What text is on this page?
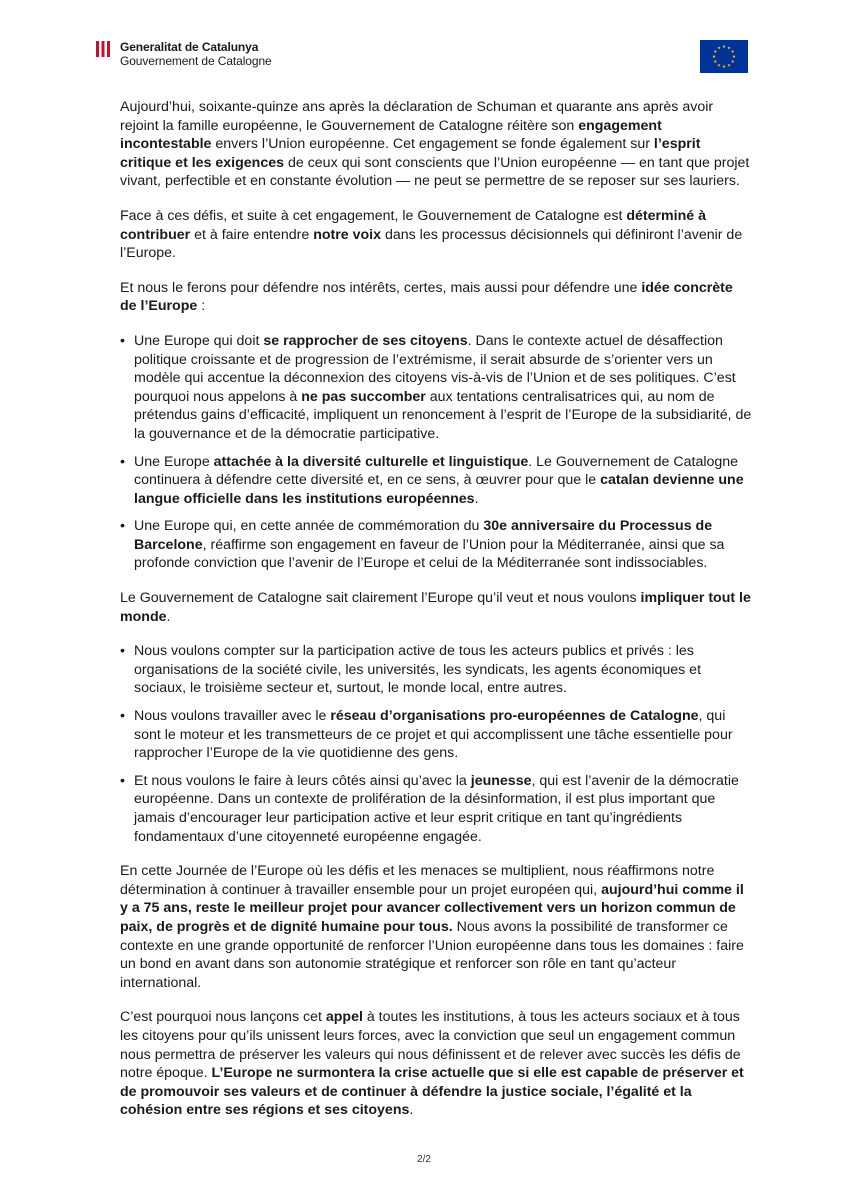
Generalitat de Catalunya
Gouvernement de Catalogne

Aujourd’hui, soixante-quinze ans après la déclaration de Schuman et quarante ans après avoir rejoint la famille européenne, le Gouvernement de Catalogne réitère son engagement incontestable envers l’Union européenne. Cet engagement se fonde également sur l’esprit critique et les exigences de ceux qui sont conscients que l’Union européenne — en tant que projet vivant, perfectible et en constante évolution — ne peut se permettre de se reposer sur ses lauriers.

Face à ces défis, et suite à cet engagement, le Gouvernement de Catalogne est déterminé à contribuer et à faire entendre notre voix dans les processus décisionnels qui définiront l’avenir de l’Europe.

Et nous le ferons pour défendre nos intérêts, certes, mais aussi pour défendre une idée concrète de l’Europe :

• Une Europe qui doit se rapprocher de ses citoyens. Dans le contexte actuel de désaffection politique croissante et de progression de l’extrémisme, il serait absurde de s’orienter vers un modèle qui accentue la déconnexion des citoyens vis-à-vis de l’Union et de ses politiques. C’est pourquoi nous appelons à ne pas succomber aux tentations centralisatrices qui, au nom de prétendus gains d’efficacité, impliquent un renoncement à l’esprit de l’Europe de la subsidiarité, de la gouvernance et de la démocratie participative.
• Une Europe attachée à la diversité culturelle et linguistique. Le Gouvernement de Catalogne continuera à défendre cette diversité et, en ce sens, à œuvrer pour que le catalan devienne une langue officielle dans les institutions européennes.
• Une Europe qui, en cette année de commémoration du 30e anniversaire du Processus de Barcelone, réaffirme son engagement en faveur de l’Union pour la Méditerranée, ainsi que sa profonde conviction que l’avenir de l’Europe et celui de la Méditerranée sont indissociables.

Le Gouvernement de Catalogne sait clairement l’Europe qu’il veut et nous voulons impliquer tout le monde.

• Nous voulons compter sur la participation active de tous les acteurs publics et privés : les organisations de la société civile, les universités, les syndicats, les agents économiques et sociaux, le troisième secteur et, surtout, le monde local, entre autres.
• Nous voulons travailler avec le réseau d’organisations pro-européennes de Catalogne, qui sont le moteur et les transmetteurs de ce projet et qui accomplissent une tâche essentielle pour rapprocher l’Europe de la vie quotidienne des gens.
• Et nous voulons le faire à leurs côtés ainsi qu’avec la jeunesse, qui est l’avenir de la démocratie européenne. Dans un contexte de prolifération de la désinformation, il est plus important que jamais d’encourager leur participation active et leur esprit critique en tant qu’ingrédients fondamentaux d’une citoyenneté européenne engagée.

En cette Journée de l’Europe où les défis et les menaces se multiplient, nous réaffirmons notre détermination à continuer à travailler ensemble pour un projet européen qui, aujourd’hui comme il y a 75 ans, reste le meilleur projet pour avancer collectivement vers un horizon commun de paix, de progrès et de dignité humaine pour tous. Nous avons la possibilité de transformer ce contexte en une grande opportunité de renforcer l’Union européenne dans tous les domaines : faire un bond en avant dans son autonomie stratégique et renforcer son rôle en tant qu’acteur international.

C’est pourquoi nous lançons cet appel à toutes les institutions, à tous les acteurs sociaux et à tous les citoyens pour qu’ils unissent leurs forces, avec la conviction que seul un engagement commun nous permettra de préserver les valeurs qui nous définissent et de relever avec succès les défis de notre époque. L’Europe ne surmontera la crise actuelle que si elle est capable de préserver et de promouvoir ses valeurs et de continuer à défendre la justice sociale, l’égalité et la cohésion entre ses régions et ses citoyens.

2/2
